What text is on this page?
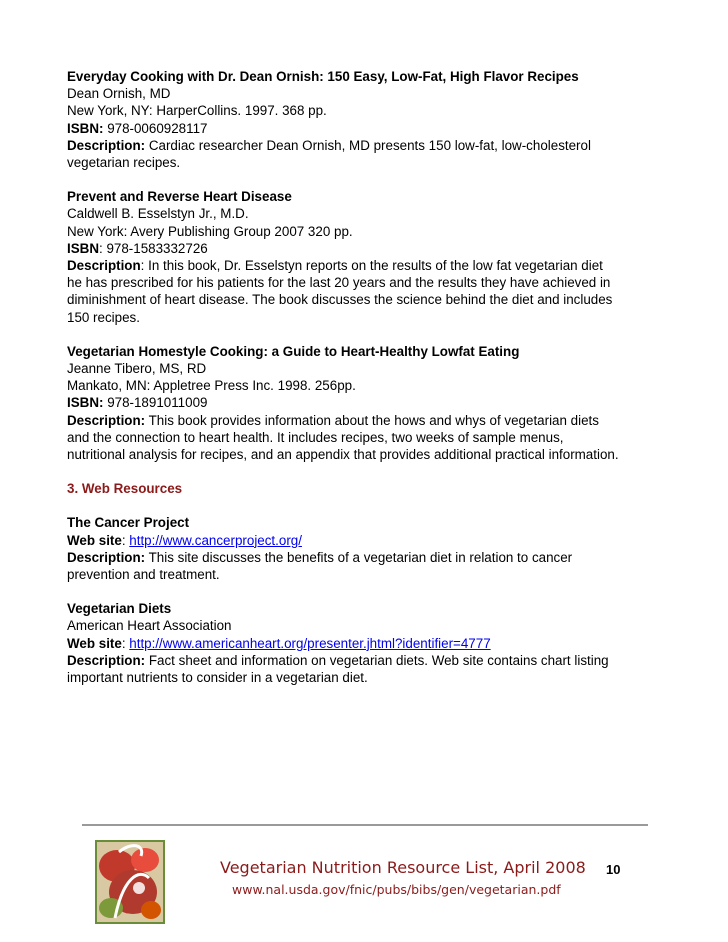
Everyday Cooking with Dr. Dean Ornish: 150 Easy, Low-Fat, High Flavor Recipes
Dean Ornish, MD
New York, NY: HarperCollins. 1997. 368 pp.
ISBN: 978-0060928117
Description: Cardiac researcher Dean Ornish, MD presents 150 low-fat, low-cholesterol
vegetarian recipes.
Prevent and Reverse Heart Disease
Caldwell B. Esselstyn Jr., M.D.
New York: Avery Publishing Group 2007 320 pp.
ISBN: 978-1583332726
Description: In this book, Dr. Esselstyn reports on the results of the low fat vegetarian diet
he has prescribed for his patients for the last 20 years and the results they have achieved in
diminishment of heart disease. The book discusses the science behind the diet and includes
150 recipes.
Vegetarian Homestyle Cooking: a Guide to Heart-Healthy Lowfat Eating
Jeanne Tibero, MS, RD
Mankato, MN: Appletree Press Inc. 1998. 256pp.
ISBN: 978-1891011009
Description: This book provides information about the hows and whys of vegetarian diets
and the connection to heart health. It includes recipes, two weeks of sample menus,
nutritional analysis for recipes, and an appendix that provides additional practical information.
3. Web Resources
The Cancer Project
Web site: http://www.cancerproject.org/
Description: This site discusses the benefits of a vegetarian diet in relation to cancer
prevention and treatment.
Vegetarian Diets
American Heart Association
Web site: http://www.americanheart.org/presenter.jhtml?identifier=4777
Description: Fact sheet and information on vegetarian diets. Web site contains chart listing
important nutrients to consider in a vegetarian diet.
Vegetarian Nutrition Resource List, April 2008
www.nal.usda.gov/fnic/pubs/bibs/gen/vegetarian.pdf
10
